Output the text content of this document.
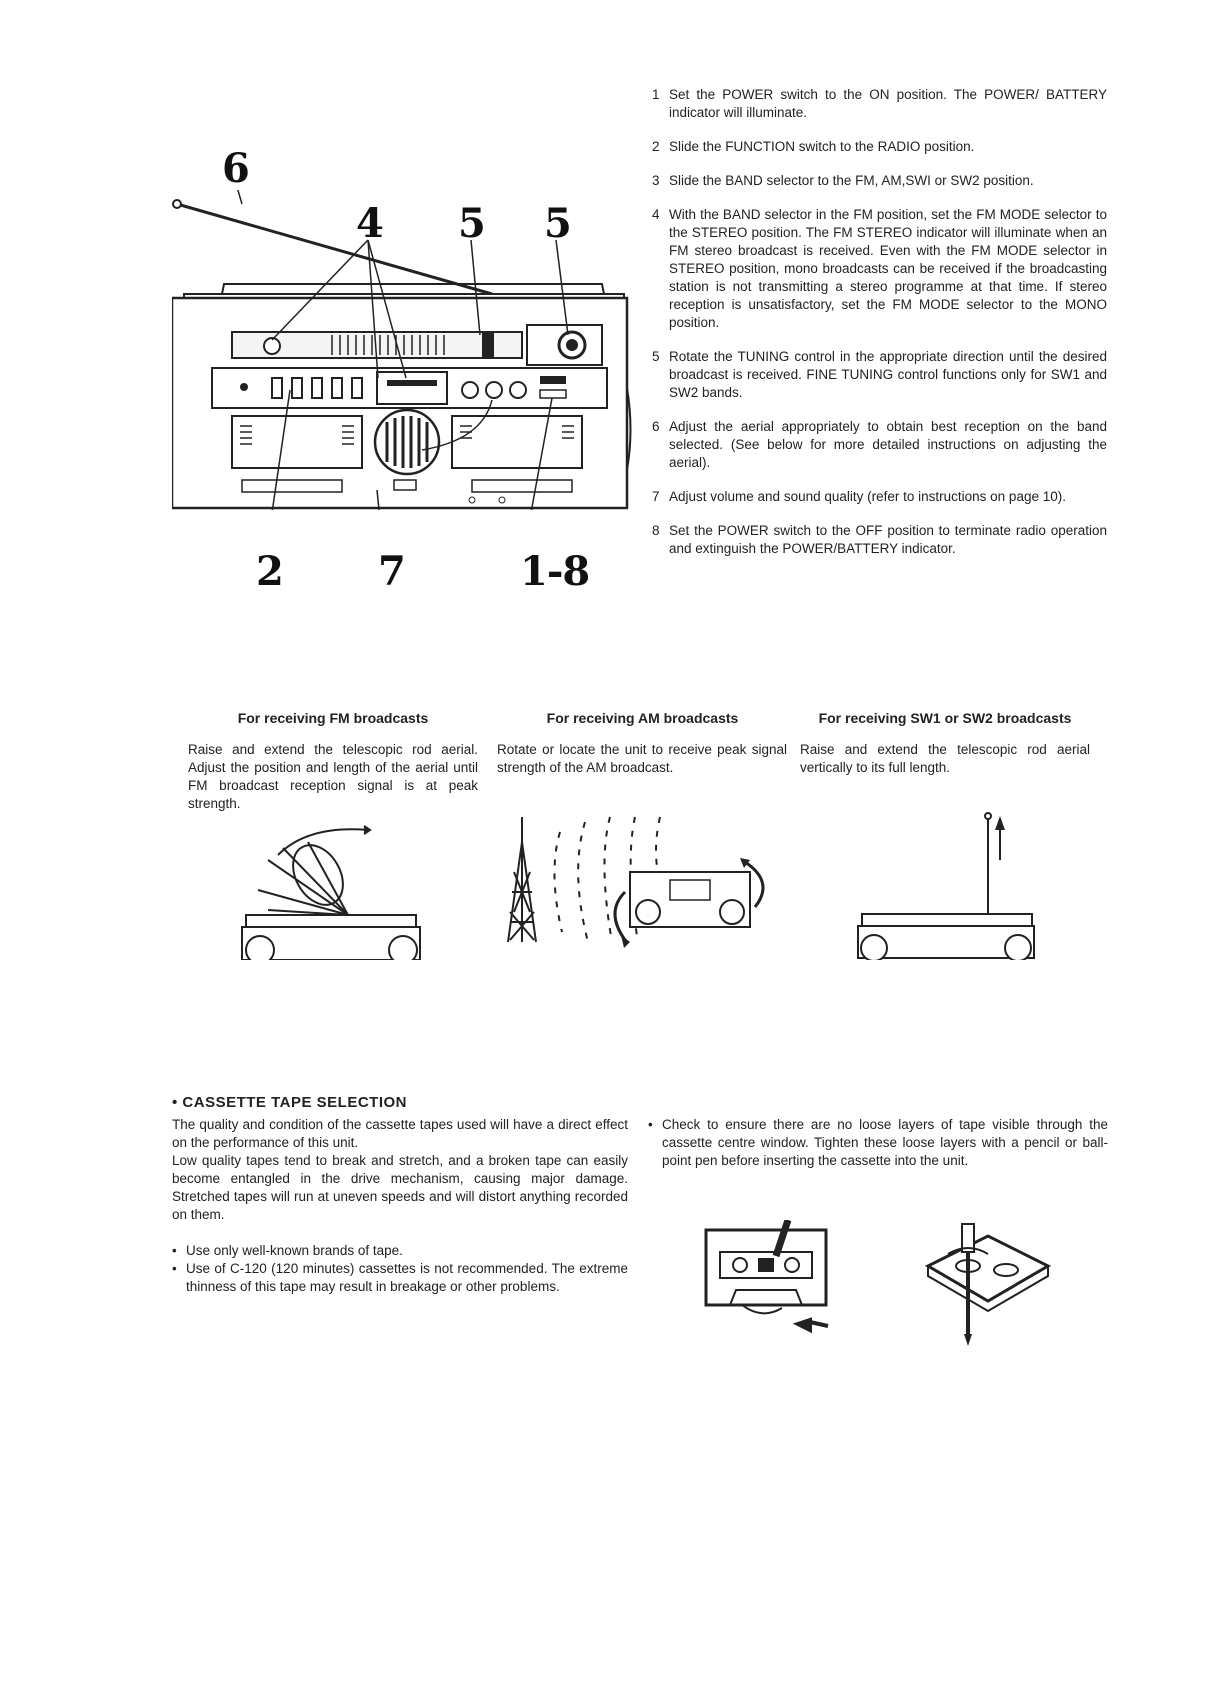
6
4 5 5
2 7	1-8
1 Set the POWER switch to the ON position. The POWER/ BATTERY indicator will illuminate.
2 Slide the FUNCTION switch to the RADIO position.
3 Slide the BAND selector to the FM, AM,SWI or SW2 position.
4 With the BAND selector in the FM position, set the FM MODE selector to the STEREO position. The FM STEREO indicator will illuminate when an FM stereo broadcast is received. Even with the FM MODE selector in STEREO position, mono broadcasts can be received if the broadcasting station is not transmitting a stereo programme at that time. If stereo reception is unsatisfactory, set the FM MODE selector to the MONO position.
5 Rotate the TUNING control in the appropriate direction until the desired broadcast is received. FINE TUNING control functions only for SW1 and SW2 bands.
6 Adjust the aerial appropriately to obtain best reception on the band selected. (See below for more detailed instructions on adjusting the aerial).
7 Adjust volume and sound quality (refer to instructions on page 10).
8 Set the POWER switch to the OFF position to terminate radio operation and extinguish the POWER/BATTERY indicator.
For receiving FM broadcasts	For receiving AM broadcasts	For receiving SW1 or SW2 broadcasts
Raise and extend the telescopic rod aerial. Adjust the position and length of the aerial until FM broadcast reception signal is at peak strength.
Rotate or locate the unit to receive peak signal strength of the AM broadcast.
Raise and extend the telescopic rod aerial vertically to its full length.
• CASSETTE TAPE SELECTION
The quality and condition of the cassette tapes used will have a direct effect on the performance of this unit.
Low quality tapes tend to break and stretch, and a broken tape can easily become entangled in the drive mechanism, causing major damage. Stretched tapes will run at uneven speeds and will distort anything recorded on them.
• Use only well-known brands of tape.
• Use of C-120 (120 minutes) cassettes is not recommended. The extreme thinness of this tape may result in breakage or other problems.
• Check to ensure there are no loose layers of tape visible through the cassette centre window. Tighten these loose layers with a pencil or ball-point pen before inserting the cassette into the unit.
